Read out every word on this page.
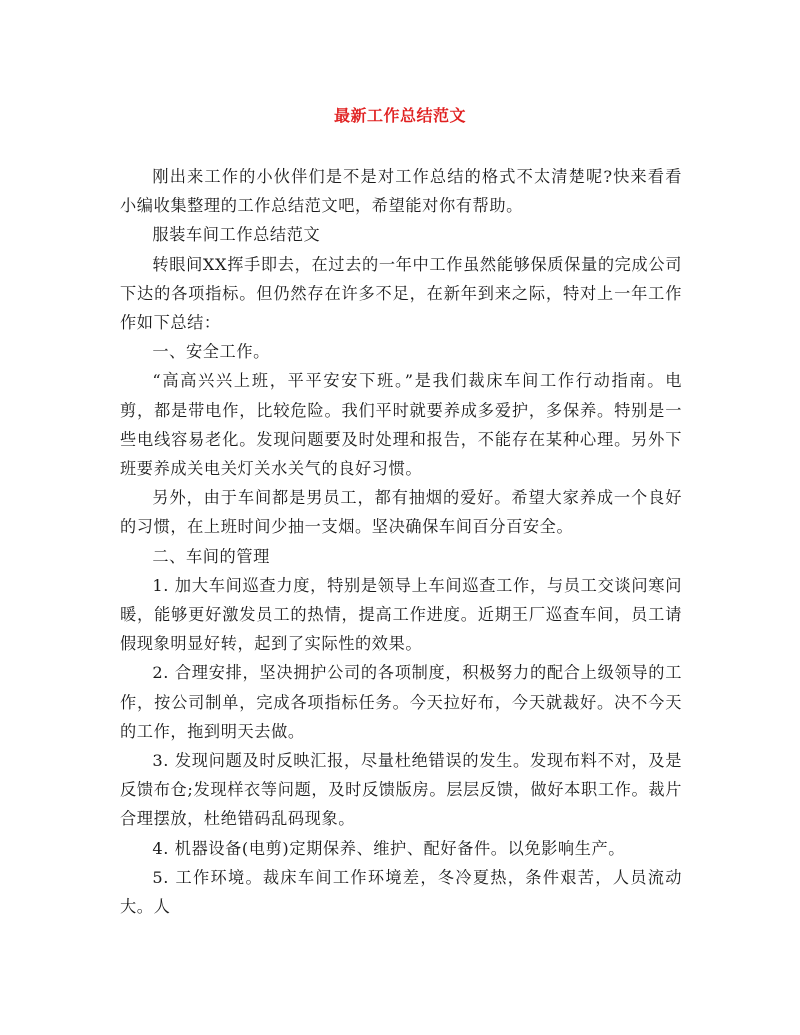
最新工作总结范文

刚出来工作的小伙伴们是不是对工作总结的格式不太清楚呢?快来看看小编收集整理的工作总结范文吧，希望能对你有帮助。

服装车间工作总结范文

转眼间XX挥手即去，在过去的一年中工作虽然能够保质保量的完成公司下达的各项指标。但仍然存在许多不足，在新年到来之际，特对上一年工作作如下总结：

一、安全工作。

“高高兴兴上班，平平安安下班。”是我们裁床车间工作行动指南。电剪，都是带电作，比较危险。我们平时就要养成多爱护，多保养。特别是一些电线容易老化。发现问题要及时处理和报告，不能存在某种心理。另外下班要养成关电关灯关水关气的良好习惯。

另外，由于车间都是男员工，都有抽烟的爱好。希望大家养成一个良好的习惯，在上班时间少抽一支烟。坚决确保车间百分百安全。

二、车间的管理

1. 加大车间巡查力度，特别是领导上车间巡查工作，与员工交谈问寒问暖，能够更好激发员工的热情，提高工作进度。近期王厂巡查车间，员工请假现象明显好转，起到了实际性的效果。

2. 合理安排，坚决拥护公司的各项制度，积极努力的配合上级领导的工作，按公司制单，完成各项指标任务。今天拉好布，今天就裁好。决不今天的工作，拖到明天去做。

3. 发现问题及时反映汇报，尽量杜绝错误的发生。发现布料不对，及是反馈布仓;发现样衣等问题，及时反馈版房。层层反馈，做好本职工作。裁片合理摆放，杜绝错码乱码现象。

4. 机器设备(电剪)定期保养、维护、配好备件。以免影响生产。

5. 工作环境。裁床车间工作环境差，冬冷夏热，条件艰苦，人员流动大。人
